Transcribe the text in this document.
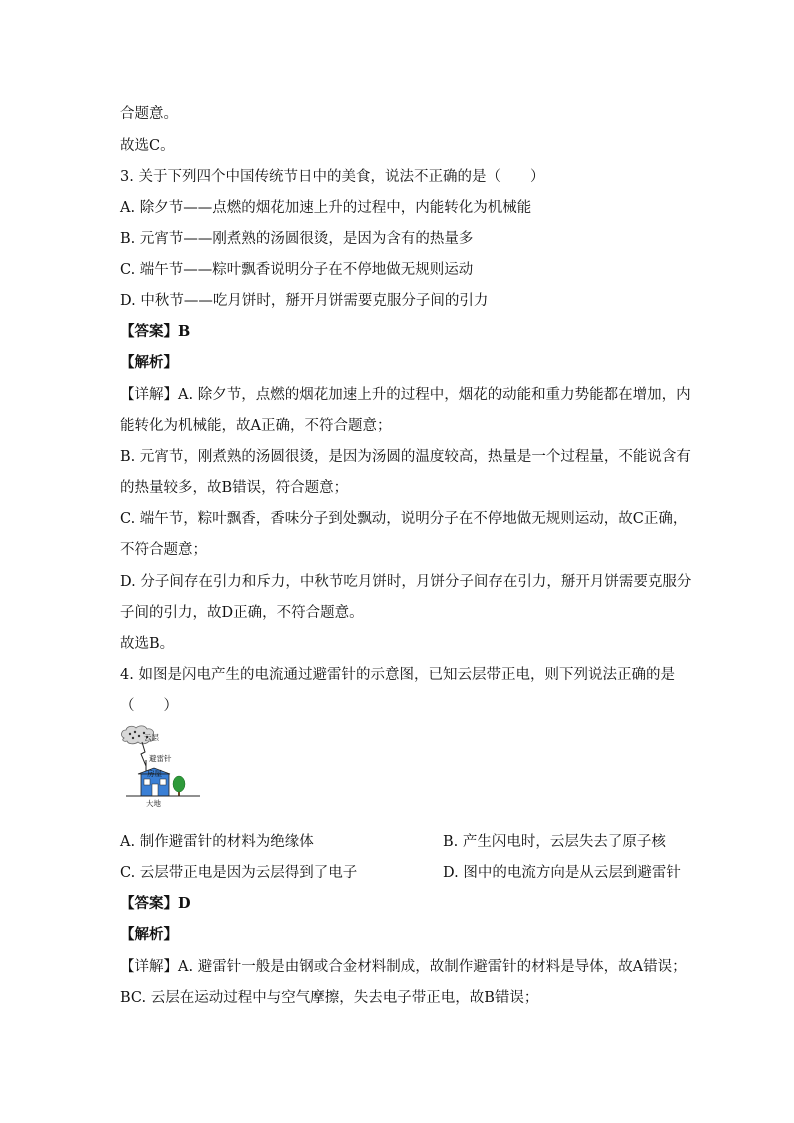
合题意。
故选C。
3. 关于下列四个中国传统节日中的美食，说法不正确的是（　　）
A. 除夕节——点燃的烟花加速上升的过程中，内能转化为机械能
B. 元宵节——刚煮熟的汤圆很烫，是因为含有的热量多
C. 端午节——粽叶飘香说明分子在不停地做无规则运动
D. 中秋节——吃月饼时，掰开月饼需要克服分子间的引力
【答案】B
【解析】
【详解】A. 除夕节，点燃的烟花加速上升的过程中，烟花的动能和重力势能都在增加，内
能转化为机械能，故A正确，不符合题意；
B. 元宵节，刚煮熟的汤圆很烫，是因为汤圆的温度较高，热量是一个过程量，不能说含有
的热量较多，故B错误，符合题意；
C. 端午节，粽叶飘香，香味分子到处飘动，说明分子在不停地做无规则运动，故C正确，
不符合题意；
D. 分子间存在引力和斥力，中秋节吃月饼时，月饼分子间存在引力，掰开月饼需要克服分
子间的引力，故D正确，不符合题意。
故选B。
4. 如图是闪电产生的电流通过避雷针的示意图，已知云层带正电，则下列说法正确的是
（　　）
云层
避雷针
房屋
大地
A. 制作避雷针的材料为绝缘体	B. 产生闪电时，云层失去了原子核
C. 云层带正电是因为云层得到了电子	D. 图中的电流方向是从云层到避雷针
【答案】D
【解析】
【详解】A. 避雷针一般是由钢或合金材料制成，故制作避雷针的材料是导体，故A错误；
BC. 云层在运动过程中与空气摩擦，失去电子带正电，故B错误；
